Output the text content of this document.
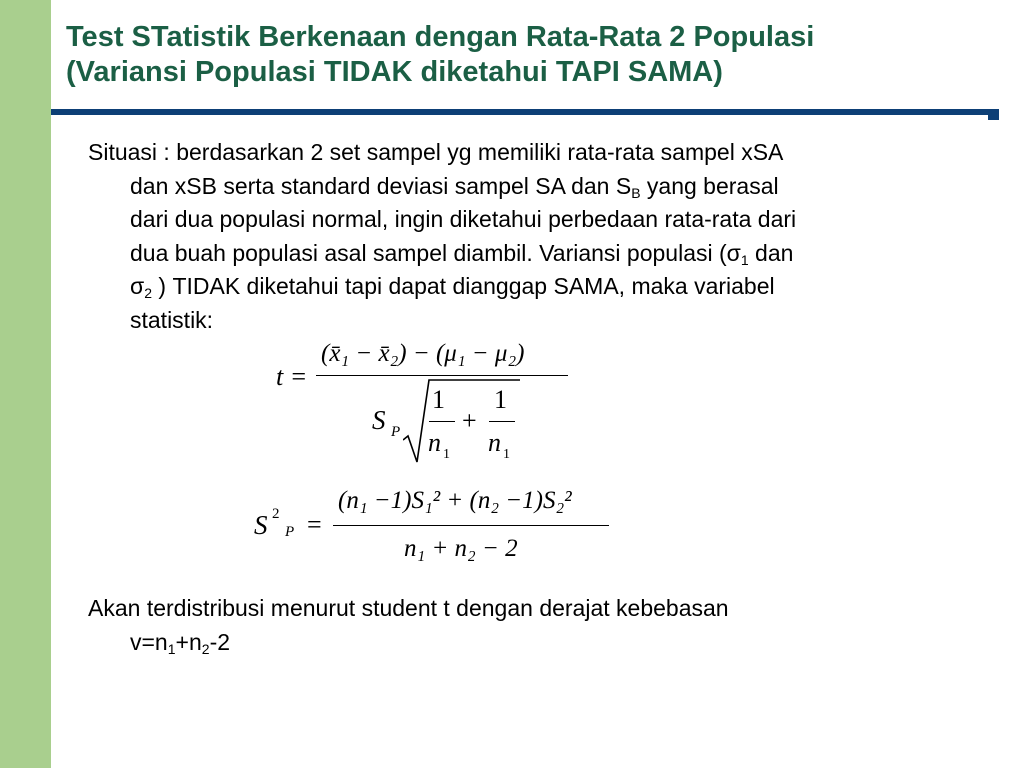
Test STatistik Berkenaan dengan Rata-Rata 2 Populasi
(Variansi Populasi TIDAK diketahui TAPI SAMA)
Situasi : berdasarkan 2 set sampel yg memiliki rata-rata sampel xSA
dan xSB serta standard deviasi sampel SA dan $S_B$ yang berasal
dari dua populasi normal, ingin diketahui perbedaan rata-rata dari
dua buah populasi asal sampel diambil. Variansi populasi ($\sigma_1$ dan
$\sigma_2$ ) TIDAK diketahui tapi dapat dianggap SAMA, maka variabel
statistik:
t =
(x̄₁ − x̄₂) − (μ₁ − μ₂)
S P
1
n 1
+
1
n 1
S 2
P =
(n₁ −1)S₁² + (n₂ −1)S₂²
n₁ + n₂ − 2
Akan terdistribusi menurut student t dengan derajat kebebasan
$v=n_1+n_2-2$
